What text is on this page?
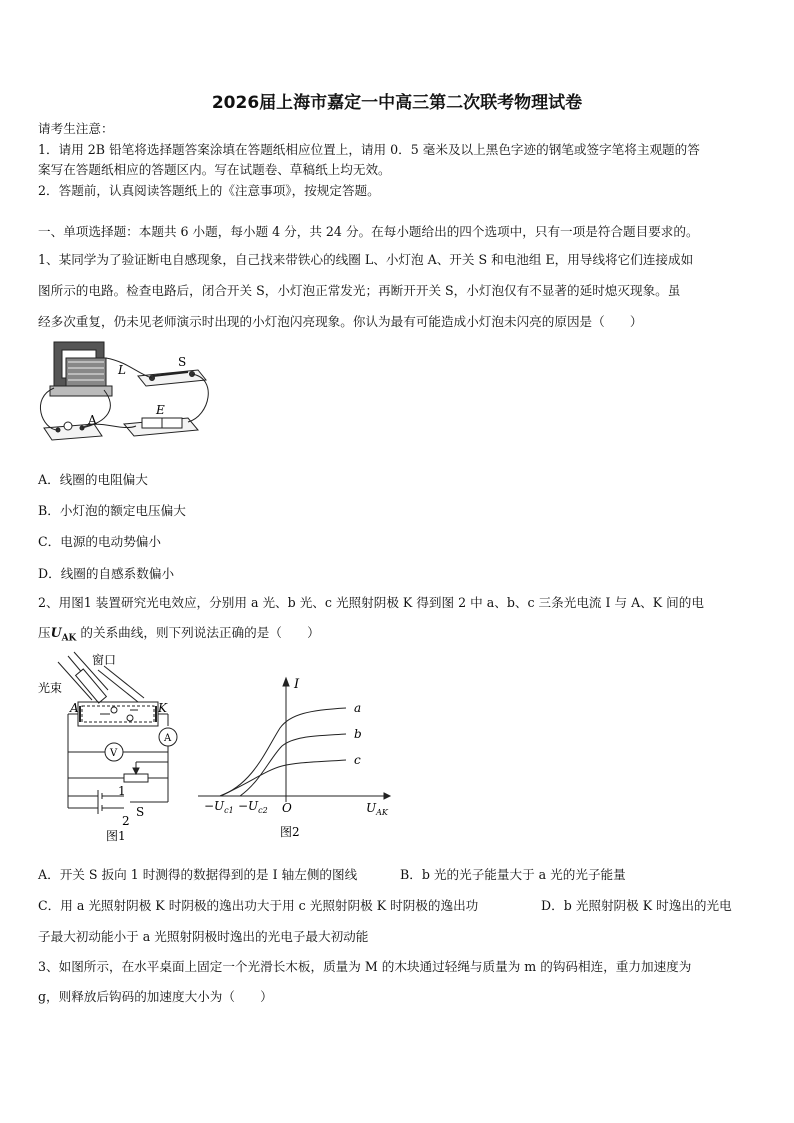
2026届上海市嘉定一中高三第二次联考物理试卷
请考生注意：
1．请用 2B 铅笔将选择题答案涂填在答题纸相应位置上，请用 0．5 毫米及以上黑色字迹的钢笔或签字笔将主观题的答
案写在答题纸相应的答题区内。写在试题卷、草稿纸上均无效。
2．答题前，认真阅读答题纸上的《注意事项》，按规定答题。
一、单项选择题：本题共 6 小题，每小题 4 分，共 24 分。在每小题给出的四个选项中，只有一项是符合题目要求的。
1、某同学为了验证断电自感现象，自己找来带铁心的线圈 L、小灯泡 A、开关 S 和电池组 E，用导线将它们连接成如
图所示的电路。检查电路后，闭合开关 S，小灯泡正常发光；再断开开关 S，小灯泡仅有不显著的延时熄灭现象。虽
经多次重复，仍未见老师演示时出现的小灯泡闪亮现象。你认为最有可能造成小灯泡未闪亮的原因是（　　）
L
S
E
A
A．线圈的电阻偏大
B．小灯泡的额定电压偏大
C．电源的电动势偏小
D．线圈的自感系数偏小
2、用图1 装置研究光电效应，分别用 a 光、b 光、c 光照射阴极 K 得到图 2 中 a、b、c 三条光电流 I 与 A、K 间的电
压$U_{AK}$ 的关系曲线，则下列说法正确的是（　　）
窗口
光束
A	K
V
A
1
2
S
图1
I
a
b
c
$-U_{c1} -U_{c2}$ O	$U_{AK}$
图2
A．开关 S 扳向 1 时测得的数据得到的是 I 轴左侧的图线	B．b 光的光子能量大于 a 光的光子能量
C．用 a 光照射阴极 K 时阴极的逸出功大于用 c 光照射阴极 K 时阴极的逸出功	D．b 光照射阴极 K 时逸出的光电
子最大初动能小于 a 光照射阴极时逸出的光电子最大初动能
3、如图所示，在水平桌面上固定一个光滑长木板，质量为 M 的木块通过轻绳与质量为 m 的钩码相连，重力加速度为
g，则释放后钩码的加速度大小为（　　）
